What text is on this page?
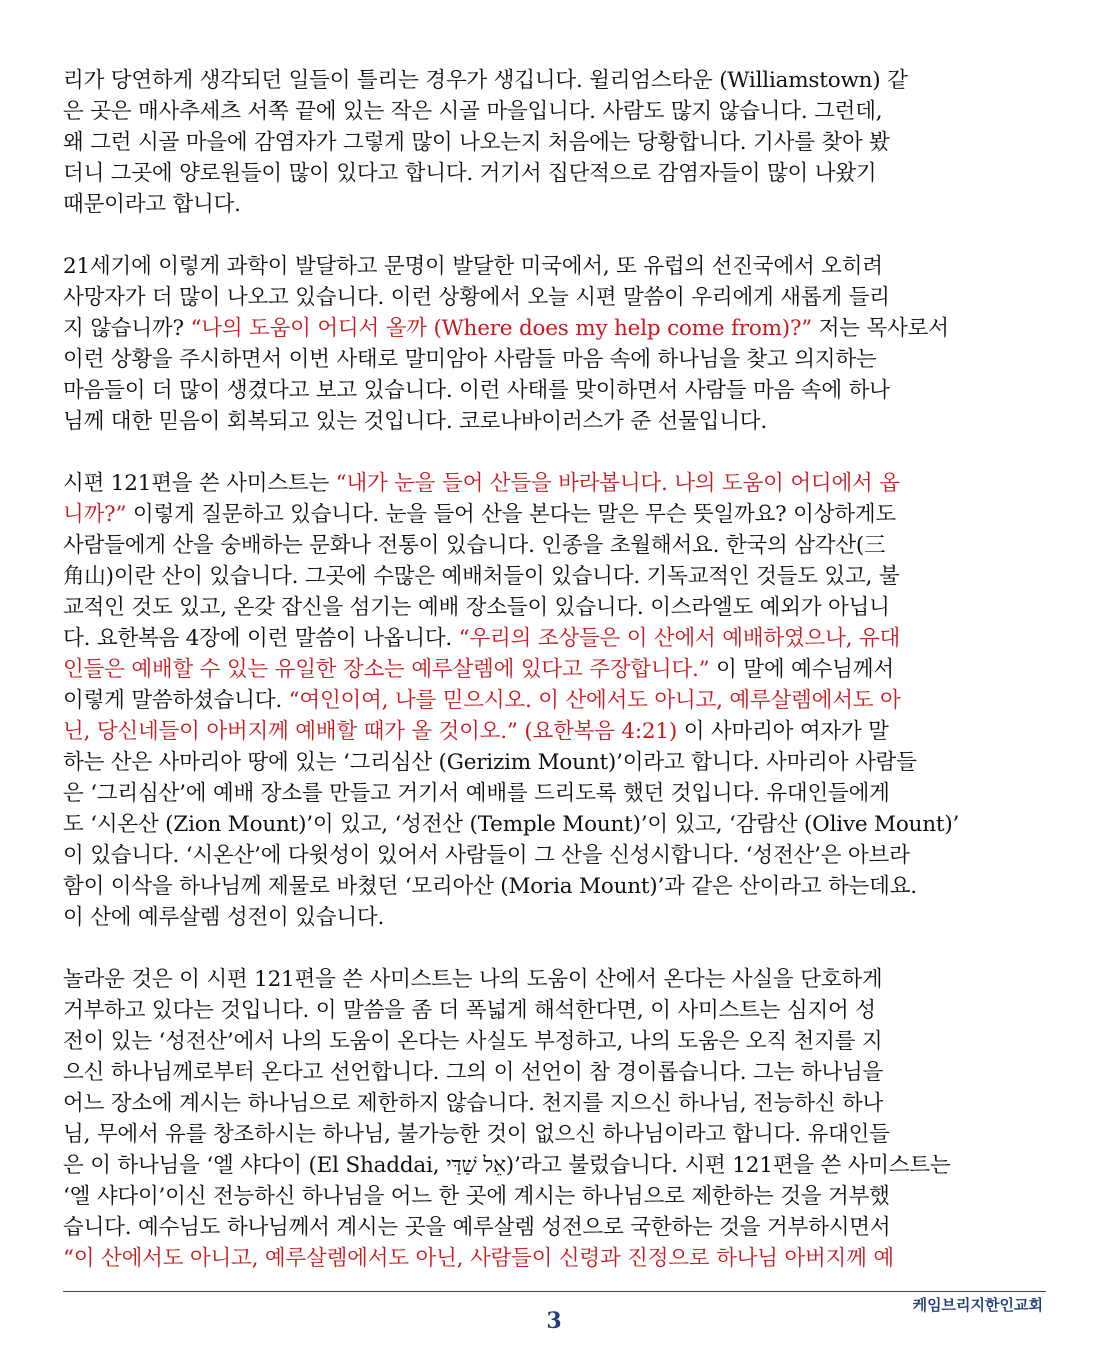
리가 당연하게 생각되던 일들이 틀리는 경우가 생깁니다. 윌리엄스타운 (Williamstown) 같
은 곳은 매사추세츠 서쪽 끝에 있는 작은 시골 마을입니다. 사람도 많지 않습니다. 그런데,
왜 그런 시골 마을에 감염자가 그렇게 많이 나오는지 처음에는 당황합니다. 기사를 찾아 봤
더니 그곳에 양로원들이 많이 있다고 합니다. 거기서 집단적으로 감염자들이 많이 나왔기
때문이라고 합니다.
21세기에 이렇게 과학이 발달하고 문명이 발달한 미국에서, 또 유럽의 선진국에서 오히려
사망자가 더 많이 나오고 있습니다. 이런 상황에서 오늘 시편 말씀이 우리에게 새롭게 들리
지 않습니까? “나의 도움이 어디서 올까 (Where does my help come from)?” 저는 목사로서
이런 상황을 주시하면서 이번 사태로 말미암아 사람들 마음 속에 하나님을 찾고 의지하는
마음들이 더 많이 생겼다고 보고 있습니다. 이런 사태를 맞이하면서 사람들 마음 속에 하나
님께 대한 믿음이 회복되고 있는 것입니다. 코로나바이러스가 준 선물입니다.
시편 121편을 쓴 사미스트는 “내가 눈을 들어 산들을 바라봅니다. 나의 도움이 어디에서 옵
니까?” 이렇게 질문하고 있습니다. 눈을 들어 산을 본다는 말은 무슨 뜻일까요? 이상하게도
사람들에게 산을 숭배하는 문화나 전통이 있습니다. 인종을 초월해서요. 한국의 삼각산(三
角山)이란 산이 있습니다. 그곳에 수많은 예배처들이 있습니다. 기독교적인 것들도 있고, 불
교적인 것도 있고, 온갖 잡신을 섬기는 예배 장소들이 있습니다. 이스라엘도 예외가 아닙니
다. 요한복음 4장에 이런 말씀이 나옵니다. “우리의 조상들은 이 산에서 예배하였으나, 유대
인들은 예배할 수 있는 유일한 장소는 예루살렘에 있다고 주장합니다.” 이 말에 예수님께서
이렇게 말씀하셨습니다. “여인이여, 나를 믿으시오. 이 산에서도 아니고, 예루살렘에서도 아
닌, 당신네들이 아버지께 예배할 때가 올 것이오.” (요한복음 4:21) 이 사마리아 여자가 말
하는 산은 사마리아 땅에 있는 ‘그리심산 (Gerizim Mount)’이라고 합니다. 사마리아 사람들
은 ‘그리심산’에 예배 장소를 만들고 거기서 예배를 드리도록 했던 것입니다. 유대인들에게
도 ‘시온산 (Zion Mount)’이 있고, ‘성전산 (Temple Mount)’이 있고, ‘감람산 (Olive Mount)’
이 있습니다. ‘시온산’에 다윗성이 있어서 사람들이 그 산을 신성시합니다. ‘성전산’은 아브라
함이 이삭을 하나님께 제물로 바쳤던 ‘모리아산 (Moria Mount)’과 같은 산이라고 하는데요.
이 산에 예루살렘 성전이 있습니다.
놀라운 것은 이 시편 121편을 쓴 사미스트는 나의 도움이 산에서 온다는 사실을 단호하게
거부하고 있다는 것입니다. 이 말씀을 좀 더 폭넓게 해석한다면, 이 사미스트는 심지어 성
전이 있는 ‘성전산’에서 나의 도움이 온다는 사실도 부정하고, 나의 도움은 오직 천지를 지
으신 하나님께로부터 온다고 선언합니다. 그의 이 선언이 참 경이롭습니다. 그는 하나님을
어느 장소에 계시는 하나님으로 제한하지 않습니다. 천지를 지으신 하나님, 전능하신 하나
님, 무에서 유를 창조하시는 하나님, 불가능한 것이 없으신 하나님이라고 합니다. 유대인들
은 이 하나님을 ‘엘 샤다이 (El Shaddai, אֵל שַׁדַּי)’라고 불렀습니다. 시편 121편을 쓴 사미스트는
‘엘 샤다이’이신 전능하신 하나님을 어느 한 곳에 계시는 하나님으로 제한하는 것을 거부했
습니다. 예수님도 하나님께서 계시는 곳을 예루살렘 성전으로 국한하는 것을 거부하시면서
“이 산에서도 아니고, 예루살렘에서도 아닌, 사람들이 신령과 진정으로 하나님 아버지께 예
케임브리지한인교회
3
